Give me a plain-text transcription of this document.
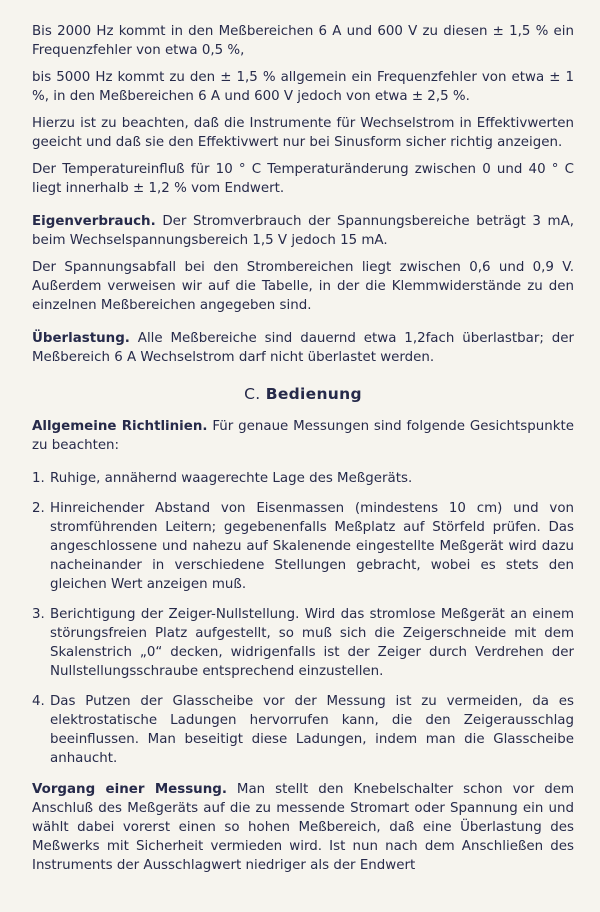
Bis 2000 Hz kommt in den Meßbereichen 6 A und 600 V zu diesen ± 1,5 % ein Frequenzfehler von etwa 0,5 %,

bis 5000 Hz kommt zu den ± 1,5 % allgemein ein Frequenzfehler von etwa ± 1 %, in den Meßbereichen 6 A und 600 V jedoch von etwa ± 2,5 %.

Hierzu ist zu beachten, daß die Instrumente für Wechselstrom in Effektivwerten geeicht und daß sie den Effektivwert nur bei Sinusform sicher richtig anzeigen.

Der Temperatureinfluß für 10 ° C Temperaturänderung zwischen 0 und 40 ° C liegt innerhalb ± 1,2 % vom Endwert.

Eigenverbrauch. Der Stromverbrauch der Spannungsbereiche beträgt 3 mA, beim Wechselspannungsbereich 1,5 V jedoch 15 mA.

Der Spannungsabfall bei den Strombereichen liegt zwischen 0,6 und 0,9 V. Außerdem verweisen wir auf die Tabelle, in der die Klemmwiderstände zu den einzelnen Meßbereichen angegeben sind.

Überlastung. Alle Meßbereiche sind dauernd etwa 1,2fach überlastbar; der Meßbereich 6 A Wechselstrom darf nicht überlastet werden.

C. Bedienung

Allgemeine Richtlinien. Für genaue Messungen sind folgende Gesichtspunkte zu beachten:

1. Ruhige, annähernd waagerechte Lage des Meßgeräts.
2. Hinreichender Abstand von Eisenmassen (mindestens 10 cm) und von stromführenden Leitern; gegebenenfalls Meßplatz auf Störfeld prüfen. Das angeschlossene und nahezu auf Skalenende eingestellte Meßgerät wird dazu nacheinander in verschiedene Stellungen gebracht, wobei es stets den gleichen Wert anzeigen muß.
3. Berichtigung der Zeiger-Nullstellung. Wird das stromlose Meßgerät an einem störungsfreien Platz aufgestellt, so muß sich die Zeigerschneide mit dem Skalenstrich „0“ decken, widrigenfalls ist der Zeiger durch Verdrehen der Nullstellungsschraube entsprechend einzustellen.
4. Das Putzen der Glasscheibe vor der Messung ist zu vermeiden, da es elektrostatische Ladungen hervorrufen kann, die den Zeigerausschlag beeinflussen. Man beseitigt diese Ladungen, indem man die Glasscheibe anhaucht.

Vorgang einer Messung. Man stellt den Knebelschalter schon vor dem Anschluß des Meßgeräts auf die zu messende Stromart oder Spannung ein und wählt dabei vorerst einen so hohen Meßbereich, daß eine Überlastung des Meßwerks mit Sicherheit vermieden wird. Ist nun nach dem Anschließen des Instruments der Ausschlagwert niedriger als der Endwert
